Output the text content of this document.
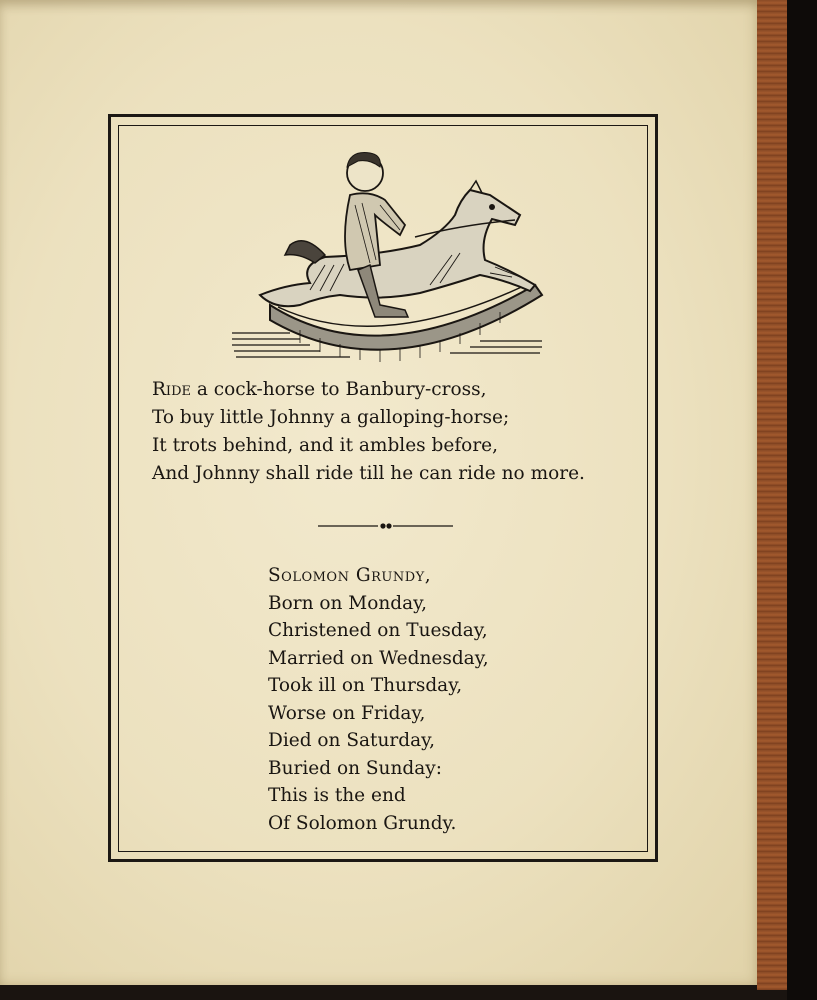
Ride a cock-horse to Banbury-cross,
To buy little Johnny a galloping-horse;
It trots behind, and it ambles before,
And Johnny shall ride till he can ride no more.
Solomon Grundy,
Born on Monday,
Christened on Tuesday,
Married on Wednesday,
Took ill on Thursday,
Worse on Friday,
Died on Saturday,
Buried on Sunday:
This is the end
Of Solomon Grundy.
